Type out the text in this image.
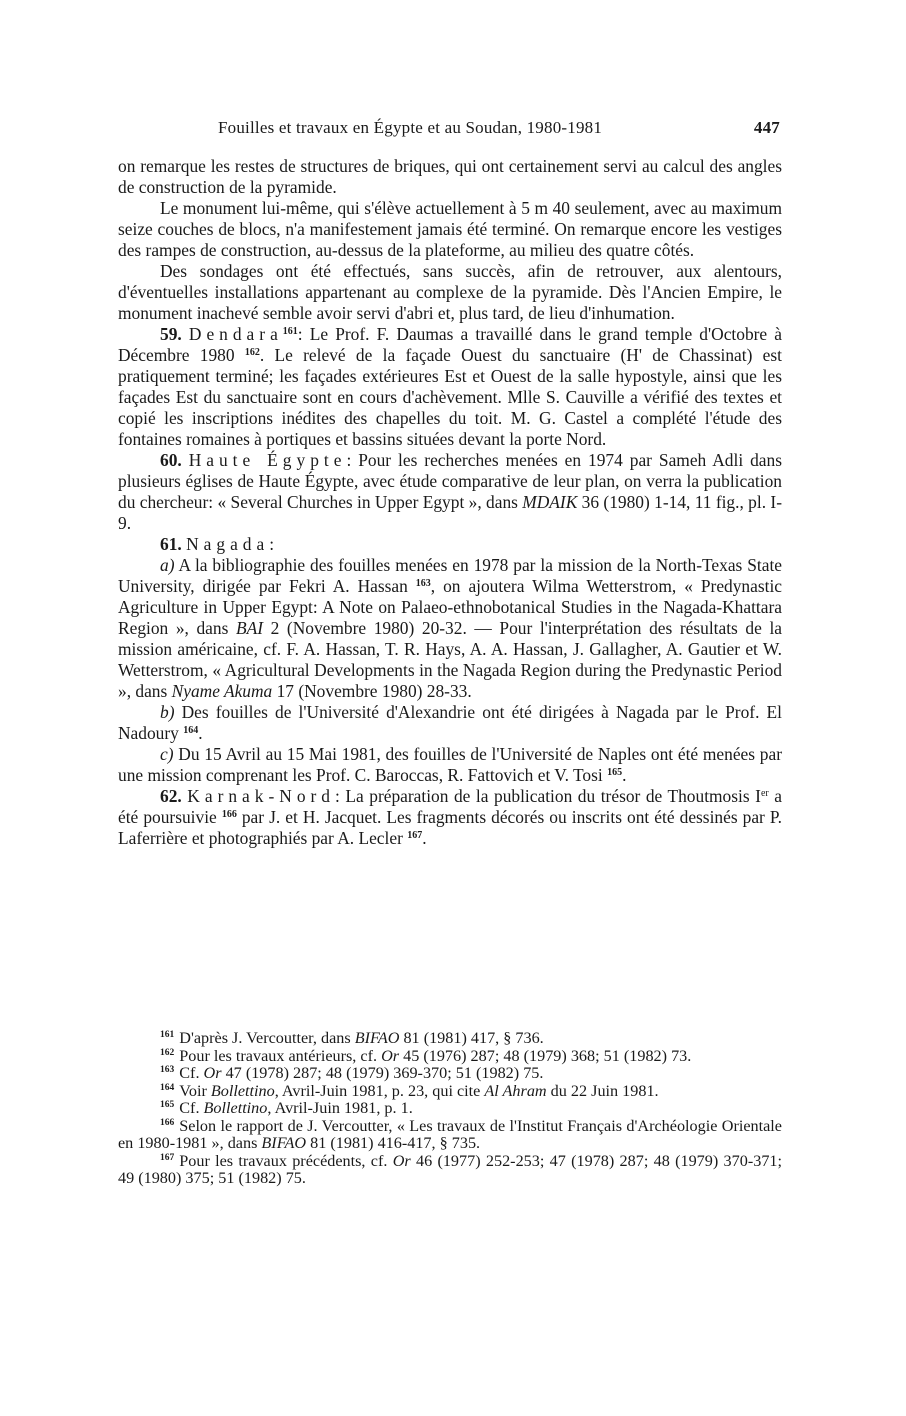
Fouilles et travaux en Égypte et au Soudan, 1980-1981	447

on remarque les restes de structures de briques, qui ont certainement servi au calcul des angles de construction de la pyramide.

Le monument lui-même, qui s'élève actuellement à 5 m 40 seulement, avec au maximum seize couches de blocs, n'a manifestement jamais été terminé. On remarque encore les vestiges des rampes de construction, au-dessus de la plateforme, au milieu des quatre côtés.

Des sondages ont été effectués, sans succès, afin de retrouver, aux alentours, d'éventuelles installations appartenant au complexe de la pyramide. Dès l'Ancien Empire, le monument inachevé semble avoir servi d'abri et, plus tard, de lieu d'inhumation.

59. Dendara$^{161}$: Le Prof. F. Daumas a travaillé dans le grand temple d'Octobre à Décembre 1980 $^{162}$. Le relevé de la façade Ouest du sanctuaire (H' de Chassinat) est pratiquement terminé; les façades extérieures Est et Ouest de la salle hypostyle, ainsi que les façades Est du sanctuaire sont en cours d'achèvement. Mlle S. Cauville a vérifié des textes et copié les inscriptions inédites des chapelles du toit. M. G. Castel a complété l'étude des fontaines romaines à portiques et bassins situées devant la porte Nord.

60. Haute Égypte: Pour les recherches menées en 1974 par Sameh Adli dans plusieurs églises de Haute Égypte, avec étude comparative de leur plan, on verra la publication du chercheur: « Several Churches in Upper Egypt », dans MDAIK 36 (1980) 1-14, 11 fig., pl. I-9.

61. Nagada:

a) A la bibliographie des fouilles menées en 1978 par la mission de la North-Texas State University, dirigée par Fekri A. Hassan $^{163}$, on ajoutera Wilma Wetterstrom, « Predynastic Agriculture in Upper Egypt: A Note on Palaeo-ethnobotanical Studies in the Nagada-Khattara Region », dans BAI 2 (Novembre 1980) 20-32. — Pour l'interprétation des résultats de la mission américaine, cf. F. A. Hassan, T. R. Hays, A. A. Hassan, J. Gallagher, A. Gautier et W. Wetterstrom, « Agricultural Developments in the Nagada Region during the Predynastic Period », dans Nyame Akuma 17 (Novembre 1980) 28-33.

b) Des fouilles de l'Université d'Alexandrie ont été dirigées à Nagada par le Prof. El Nadoury $^{164}$.

c) Du 15 Avril au 15 Mai 1981, des fouilles de l'Université de Naples ont été menées par une mission comprenant les Prof. C. Baroccas, R. Fattovich et V. Tosi $^{165}$.

62. Karnak-Nord: La préparation de la publication du trésor de Thoutmosis Ier a été poursuivie $^{166}$ par J. et H. Jacquet. Les fragments décorés ou inscrits ont été dessinés par P. Laferrière et photographiés par A. Lecler $^{167}$.

$^{161}$ D'après J. Vercoutter, dans BIFAO 81 (1981) 417, § 736.

$^{162}$ Pour les travaux antérieurs, cf. Or 45 (1976) 287; 48 (1979) 368; 51 (1982) 73.

$^{163}$ Cf. Or 47 (1978) 287; 48 (1979) 369-370; 51 (1982) 75.

$^{164}$ Voir Bollettino, Avril-Juin 1981, p. 23, qui cite Al Ahram du 22 Juin 1981.

$^{165}$ Cf. Bollettino, Avril-Juin 1981, p. 1.

$^{166}$ Selon le rapport de J. Vercoutter, « Les travaux de l'Institut Français d'Archéologie Orientale en 1980-1981 », dans BIFAO 81 (1981) 416-417, § 735.

$^{167}$ Pour les travaux précédents, cf. Or 46 (1977) 252-253; 47 (1978) 287; 48 (1979) 370-371; 49 (1980) 375; 51 (1982) 75.
